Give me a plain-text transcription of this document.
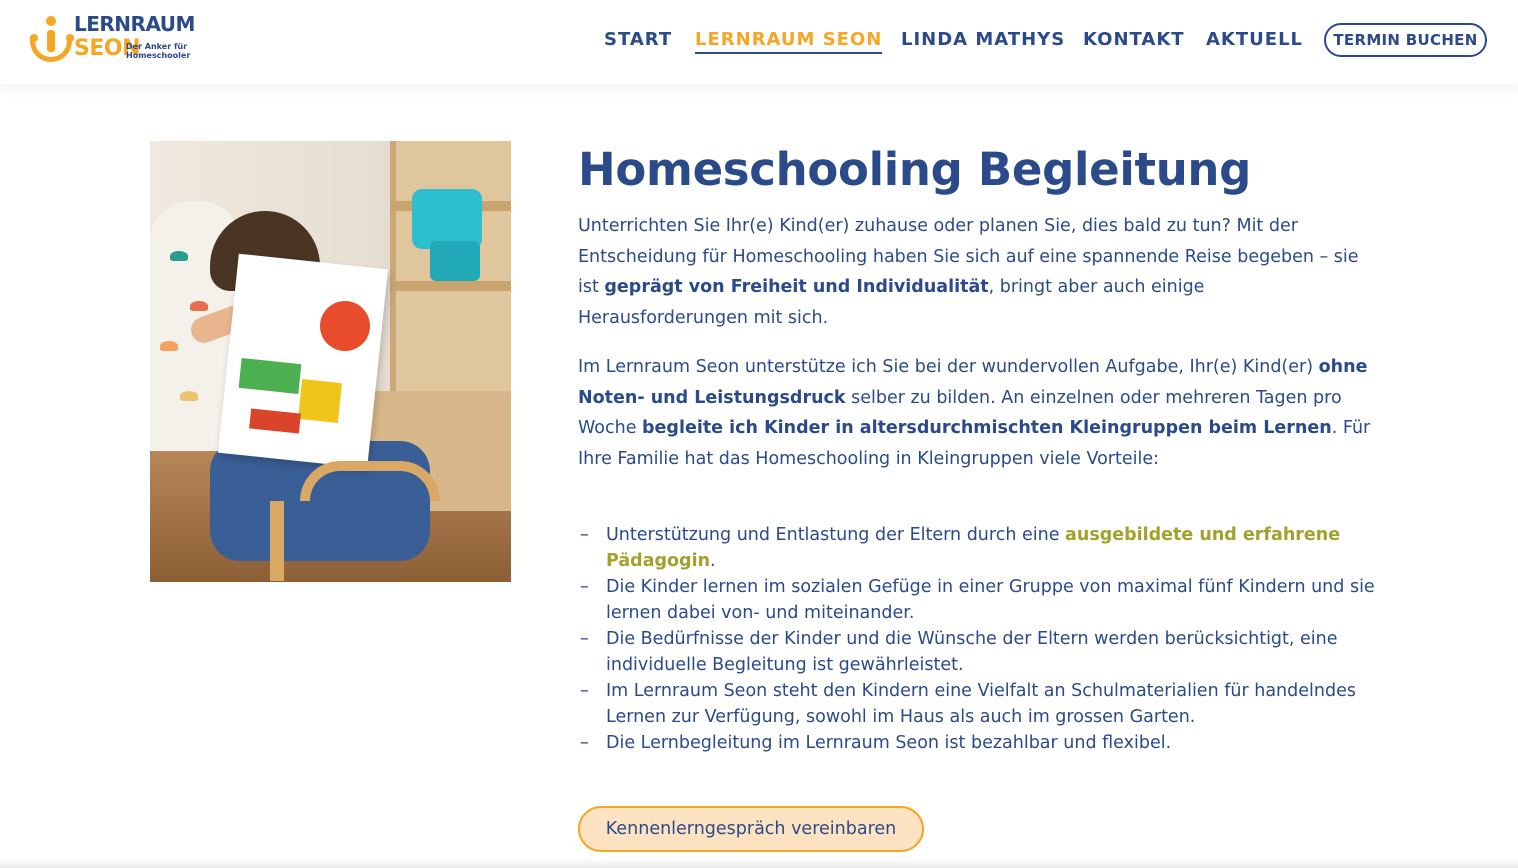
LERNRAUM
SEON
Der Anker für Homeschooler
START LERNRAUM SEON LINDA MATHYS KONTAKT AKTUELL	TERMIN BUCHEN
Homeschooling Begleitung

Unterrichten Sie Ihr(e) Kind(er) zuhause oder planen Sie, dies bald zu tun? Mit der Entscheidung für Homeschooling haben Sie sich auf eine spannende Reise begeben – sie ist geprägt von Freiheit und Individualität, bringt aber auch einige Herausforderungen mit sich.

Im Lernraum Seon unterstütze ich Sie bei der wundervollen Aufgabe, Ihr(e) Kind(er) ohne Noten- und Leistungsdruck selber zu bilden. An einzelnen oder mehreren Tagen pro Woche begleite ich Kinder in altersdurchmischten Kleingruppen beim Lernen. Für Ihre Familie hat das Homeschooling in Kleingruppen viele Vorteile:

– Unterstützung und Entlastung der Eltern durch eine ausgebildete und erfahrene Pädagogin.
– Die Kinder lernen im sozialen Gefüge in einer Gruppe von maximal fünf Kindern und sie lernen dabei von- und miteinander.
– Die Bedürfnisse der Kinder und die Wünsche der Eltern werden berücksichtigt, eine individuelle Begleitung ist gewährleistet.
– Im Lernraum Seon steht den Kindern eine Vielfalt an Schulmaterialien für handelndes Lernen zur Verfügung, sowohl im Haus als auch im grossen Garten.
– Die Lernbegleitung im Lernraum Seon ist bezahlbar und flexibel.
Kennenlerngespräch vereinbaren
